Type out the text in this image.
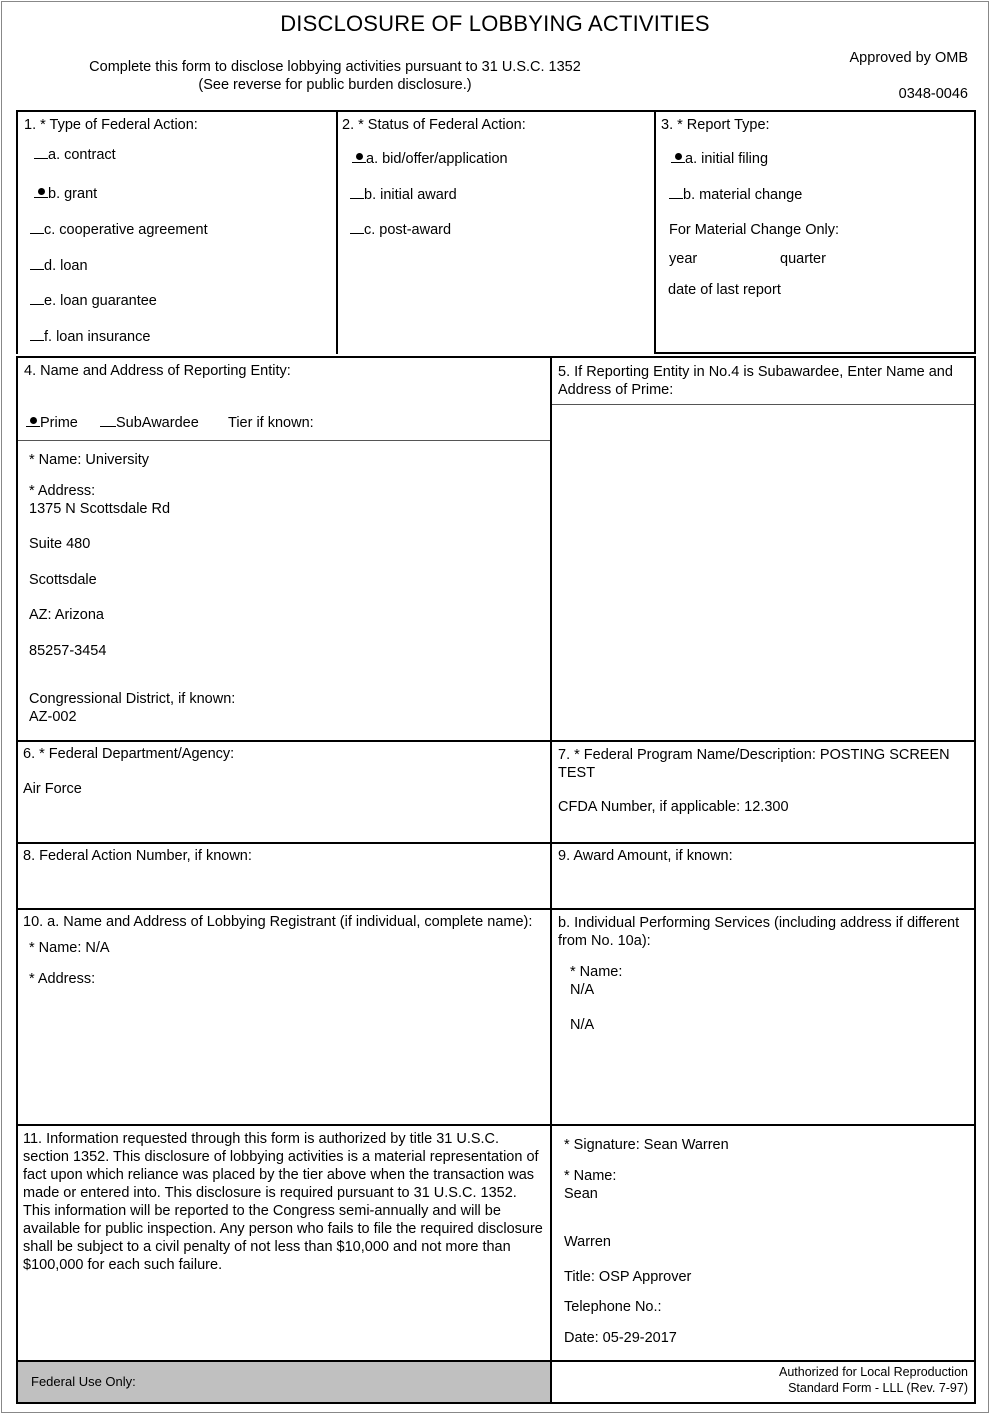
DISCLOSURE OF LOBBYING ACTIVITIES
Complete this form to disclose lobbying activities pursuant to 31 U.S.C. 1352
(See reverse for public burden disclosure.)
Approved by OMB
0348-0046
1. * Type of Federal Action:
a. contract
b. grant
c. cooperative agreement
d. loan
e. loan guarantee
f. loan insurance
2. * Status of Federal Action:
a. bid/offer/application
b. initial award
c. post-award
3. * Report Type:
a. initial filing
b. material change
For Material Change Only:
year	quarter
date of last report
4. Name and Address of Reporting Entity:
Prime	SubAwardee Tier if known:
* Name: University
* Address:
1375 N Scottsdale Rd
Suite 480
Scottsdale
AZ: Arizona
85257-3454
Congressional District, if known:
AZ-002
5. If Reporting Entity in No.4 is Subawardee, Enter Name and Address of Prime:
6. * Federal Department/Agency:
Air Force
7. * Federal Program Name/Description: POSTING SCREEN TEST
CFDA Number, if applicable: 12.300
8. Federal Action Number, if known:	9. Award Amount, if known:
10. a. Name and Address of Lobbying Registrant (if individual, complete name):
* Name: N/A
* Address:
b. Individual Performing Services (including address if different from No. 10a):
* Name:
N/A
N/A
11. Information requested through this form is authorized by title 31 U.S.C. section 1352. This disclosure of lobbying activities is a material representation of fact upon which reliance was placed by the tier above when the transaction was made or entered into. This disclosure is required pursuant to 31 U.S.C. 1352. This information will be reported to the Congress semi-annually and will be available for public inspection. Any person who fails to file the required disclosure shall be subject to a civil penalty of not less than $10,000 and not more than $100,000 for each such failure.
* Signature: Sean Warren
* Name:
Sean
Warren
Title: OSP Approver
Telephone No.:
Date: 05-29-2017
Federal Use Only:
Authorized for Local Reproduction
Standard Form - LLL (Rev. 7-97)
